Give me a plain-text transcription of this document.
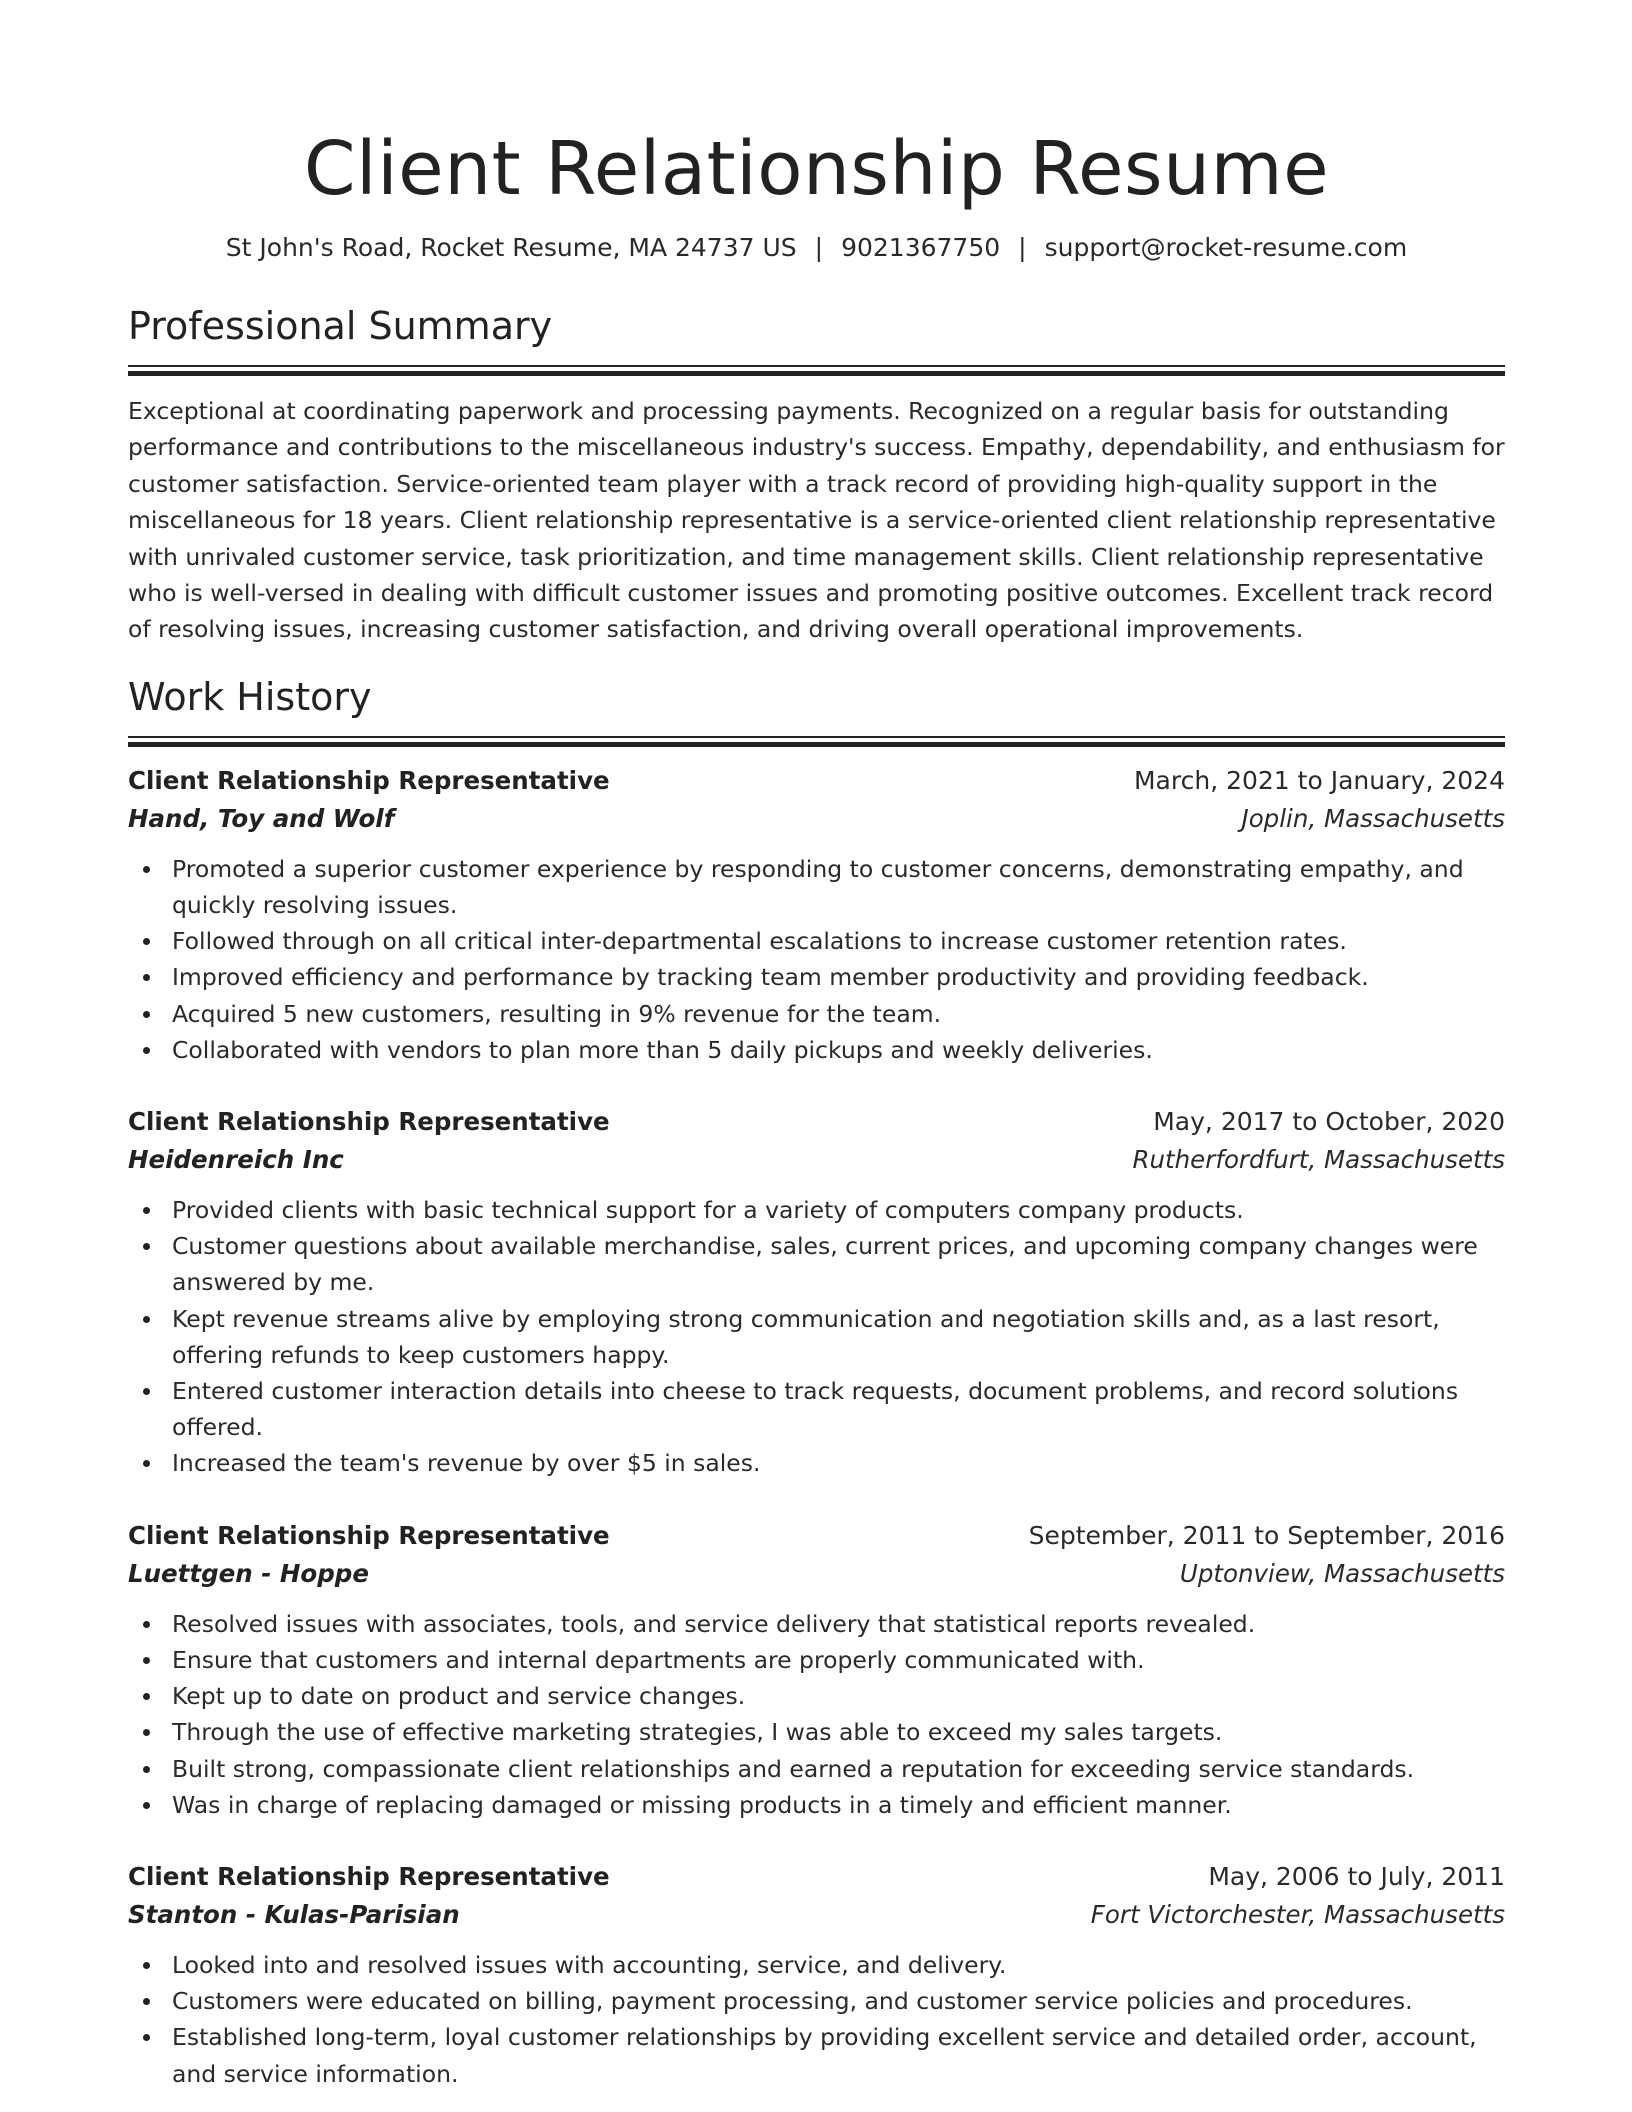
Client Relationship Resume
St John's Road, Rocket Resume, MA 24737 US | 9021367750 | support@rocket-resume.com
Professional Summary

Exceptional at coordinating paperwork and processing payments. Recognized on a regular basis for outstanding performance and contributions to the miscellaneous industry's success. Empathy, dependability, and enthusiasm for customer satisfaction. Service-oriented team player with a track record of providing high-quality support in the miscellaneous for 18 years. Client relationship representative is a service-oriented client relationship representative with unrivaled customer service, task prioritization, and time management skills. Client relationship representative who is well-versed in dealing with difficult customer issues and promoting positive outcomes. Excellent track record of resolving issues, increasing customer satisfaction, and driving overall operational improvements.

Work History
Client Relationship Representative	March, 2021 to January, 2024
Hand, Toy and Wolf	Joplin, Massachusetts
Promoted a superior customer experience by responding to customer concerns, demonstrating empathy, and quickly resolving issues.
Followed through on all critical inter-departmental escalations to increase customer retention rates.
Improved efficiency and performance by tracking team member productivity and providing feedback.
Acquired 5 new customers, resulting in 9% revenue for the team.
Collaborated with vendors to plan more than 5 daily pickups and weekly deliveries.
Client Relationship Representative	May, 2017 to October, 2020
Heidenreich Inc	Rutherfordfurt, Massachusetts
Provided clients with basic technical support for a variety of computers company products.
Customer questions about available merchandise, sales, current prices, and upcoming company changes were answered by me.
Kept revenue streams alive by employing strong communication and negotiation skills and, as a last resort, offering refunds to keep customers happy.
Entered customer interaction details into cheese to track requests, document problems, and record solutions offered.
Increased the team's revenue by over $5 in sales.
Client Relationship Representative	September, 2011 to September, 2016
Luettgen - Hoppe	Uptonview, Massachusetts
Resolved issues with associates, tools, and service delivery that statistical reports revealed.
Ensure that customers and internal departments are properly communicated with.
Kept up to date on product and service changes.
Through the use of effective marketing strategies, I was able to exceed my sales targets.
Built strong, compassionate client relationships and earned a reputation for exceeding service standards.
Was in charge of replacing damaged or missing products in a timely and efficient manner.
Client Relationship Representative	May, 2006 to July, 2011
Stanton - Kulas-Parisian	Fort Victorchester, Massachusetts
Looked into and resolved issues with accounting, service, and delivery.
Customers were educated on billing, payment processing, and customer service policies and procedures.
Established long-term, loyal customer relationships by providing excellent service and detailed order, account, and service information.
